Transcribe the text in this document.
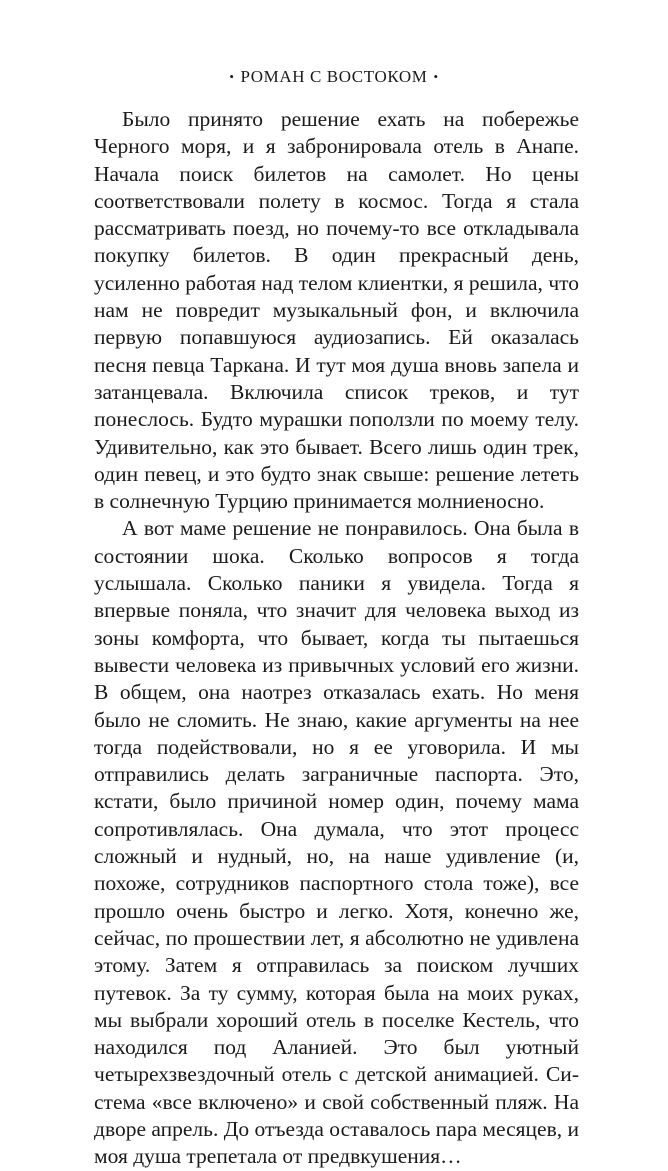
• РОМАН С ВОСТОКОМ •

Было принято решение ехать на побережье Черного моря, и я забронировала отель в Анапе. Начала поиск билетов на самолет. Но цены соответствовали полету в космос. Тогда я стала рассматривать поезд, но почему-то все откладывала покупку билетов. В один прекрасный день, усиленно работая над телом клиентки, я решила, что нам не повредит музыкальный фон, и включила первую попавшуюся аудиозапись. Ей оказалась песня певца Таркана. И тут моя душа вновь запела и затанцевала. Включила список треков, и тут понеслось. Будто мурашки поползли по моему телу. Удивительно, как это бывает. Всего лишь один трек, один певец, и это будто знак свыше: решение лететь в солнечную Турцию принимается молниеносно.

А вот маме решение не понравилось. Она была в состоянии шока. Сколько вопросов я тогда услышала. Сколько паники я увидела. Тогда я впервые поняла, что значит для человека выход из зоны комфорта, что бывает, когда ты пытаешься вывести человека из привычных условий его жизни. В общем, она наотрез отказалась ехать. Но меня было не сломить. Не знаю, какие аргументы на нее тогда подействовали, но я ее уговорила. И мы отправились делать заграничные паспорта. Это, кстати, было причиной номер один, почему мама сопротивлялась. Она думала, что этот процесс сложный и нудный, но, на наше удивление (и, похоже, сотрудников паспортного стола тоже), все прошло очень быстро и легко. Хотя, конечно же, сейчас, по прошествии лет, я абсолютно не удивлена этому. Затем я отправилась за поиском лучших путевок. За ту сумму, которая была на моих руках, мы выбрали хороший отель в поселке Кестель, что находился под Аланией. Это был уютный четырехзвездочный отель с детской анимацией. Система «все включено» и свой собственный пляж. На дворе апрель. До отъезда оставалось пара месяцев, и моя душа трепетала от предвкушения…
